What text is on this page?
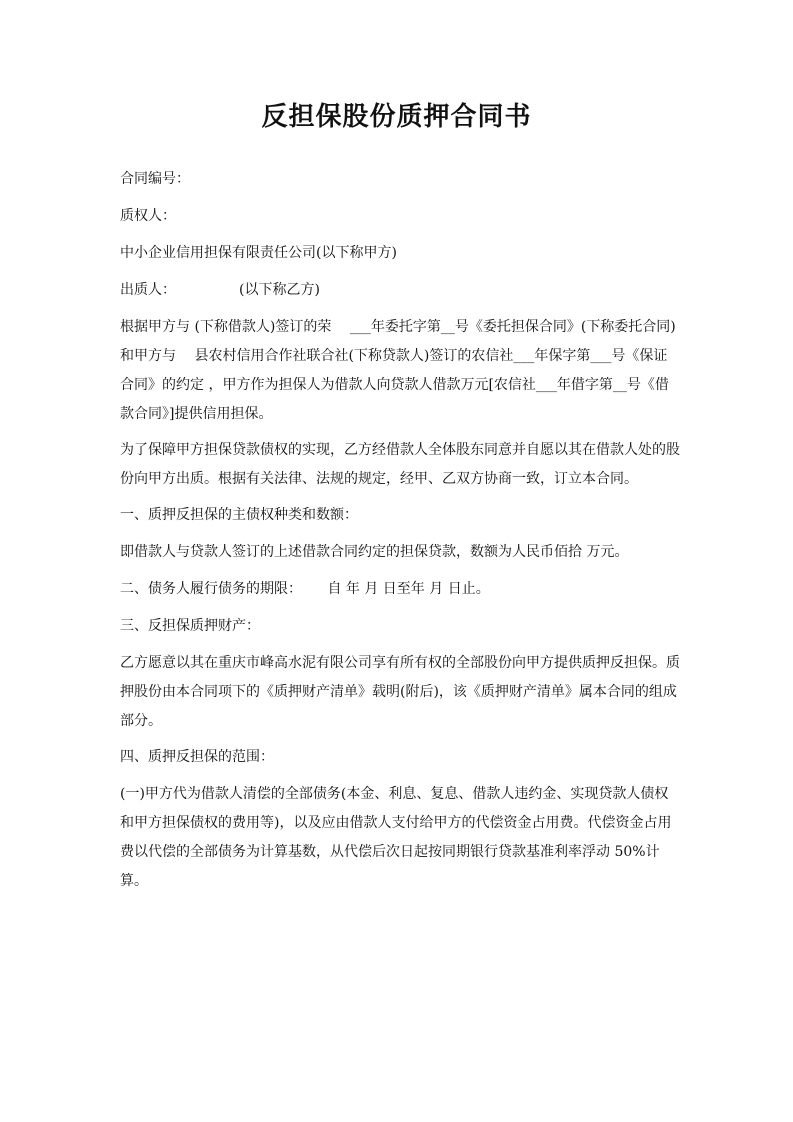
反担保股份质押合同书

合同编号：

质权人：

中小企业信用担保有限责任公司(以下称甲方)

出质人：　　　　　(以下称乙方)

根据甲方与 (下称借款人)签订的荣　 ___年委托字第__号《委托担保合同》(下称委托合同)和甲方与　 县农村信用合作社联合社(下称贷款人)签订的农信社___年保字第___号《保证合同》的约定 ，甲方作为担保人为借款人向贷款人借款万元[农信社___年借字第__号《借款合同》]提供信用担保。

为了保障甲方担保贷款债权的实现，乙方经借款人全体股东同意并自愿以其在借款人处的股份向甲方出质。根据有关法律、法规的规定，经甲、乙双方协商一致，订立本合同。

一、质押反担保的主债权种类和数额：

即借款人与贷款人签订的上述借款合同约定的担保贷款，数额为人民币佰拾 万元。

二、债务人履行债务的期限：　　 自 年 月 日至年 月 日止。

三、反担保质押财产：

乙方愿意以其在重庆市峰高水泥有限公司享有所有权的全部股份向甲方提供质押反担保。质押股份由本合同项下的《质押财产清单》载明(附后)，该《质押财产清单》属本合同的组成部分。

四、质押反担保的范围：

(一)甲方代为借款人清偿的全部债务(本金、利息、复息、借款人违约金、实现贷款人债权和甲方担保债权的费用等)，以及应由借款人支付给甲方的代偿资金占用费。代偿资金占用费以代偿的全部债务为计算基数，从代偿后次日起按同期银行贷款基准利率浮动 50%计算。
